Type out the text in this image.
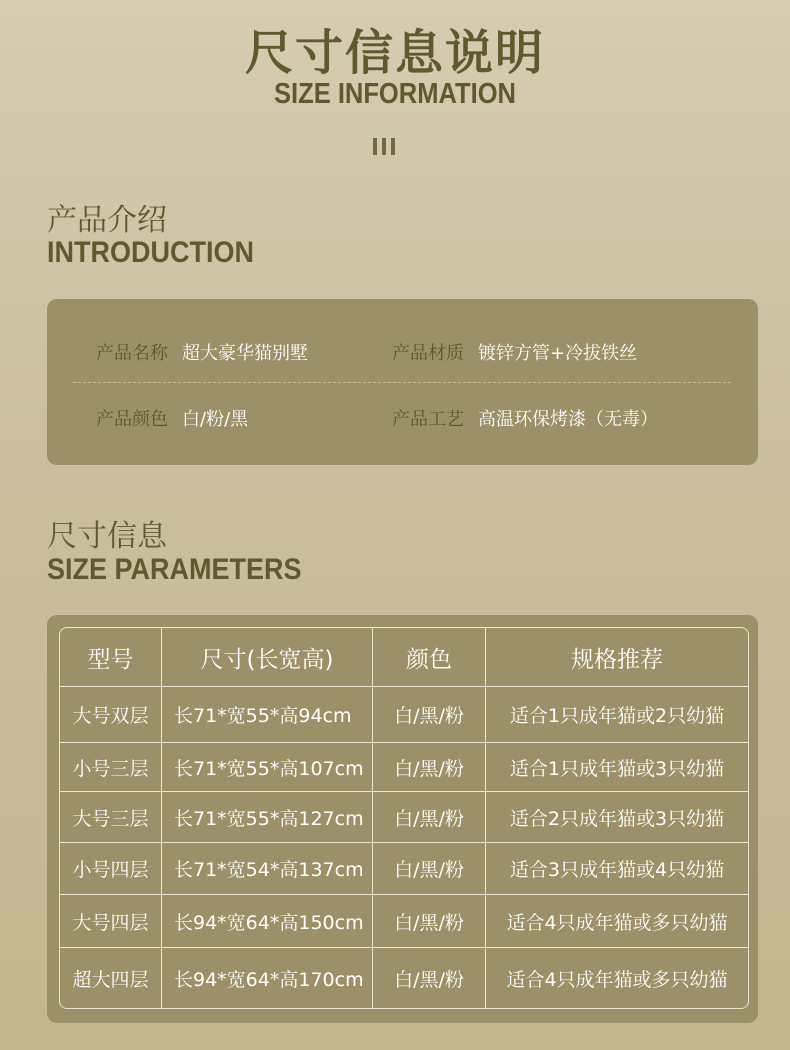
尺寸信息说明
SIZE INFORMATION
产品介绍
INTRODUCTION
产品名称 超大豪华猫别墅	产品材质 镀锌方管+冷拔铁丝
产品颜色 白/粉/黑	产品工艺 高温环保烤漆（无毒）
尺寸信息
SIZE PARAMETERS
型号	尺寸(长宽高)	颜色	规格推荐
大号双层	长71*宽55*高94cm	白/黑/粉	适合1只成年猫或2只幼猫
小号三层	长71*宽55*高107cm	白/黑/粉	适合1只成年猫或3只幼猫
大号三层	长71*宽55*高127cm	白/黑/粉	适合2只成年猫或3只幼猫
小号四层	长71*宽54*高137cm	白/黑/粉	适合3只成年猫或4只幼猫
大号四层	长94*宽64*高150cm	白/黑/粉	适合4只成年猫或多只幼猫
超大四层	长94*宽64*高170cm	白/黑/粉	适合4只成年猫或多只幼猫
